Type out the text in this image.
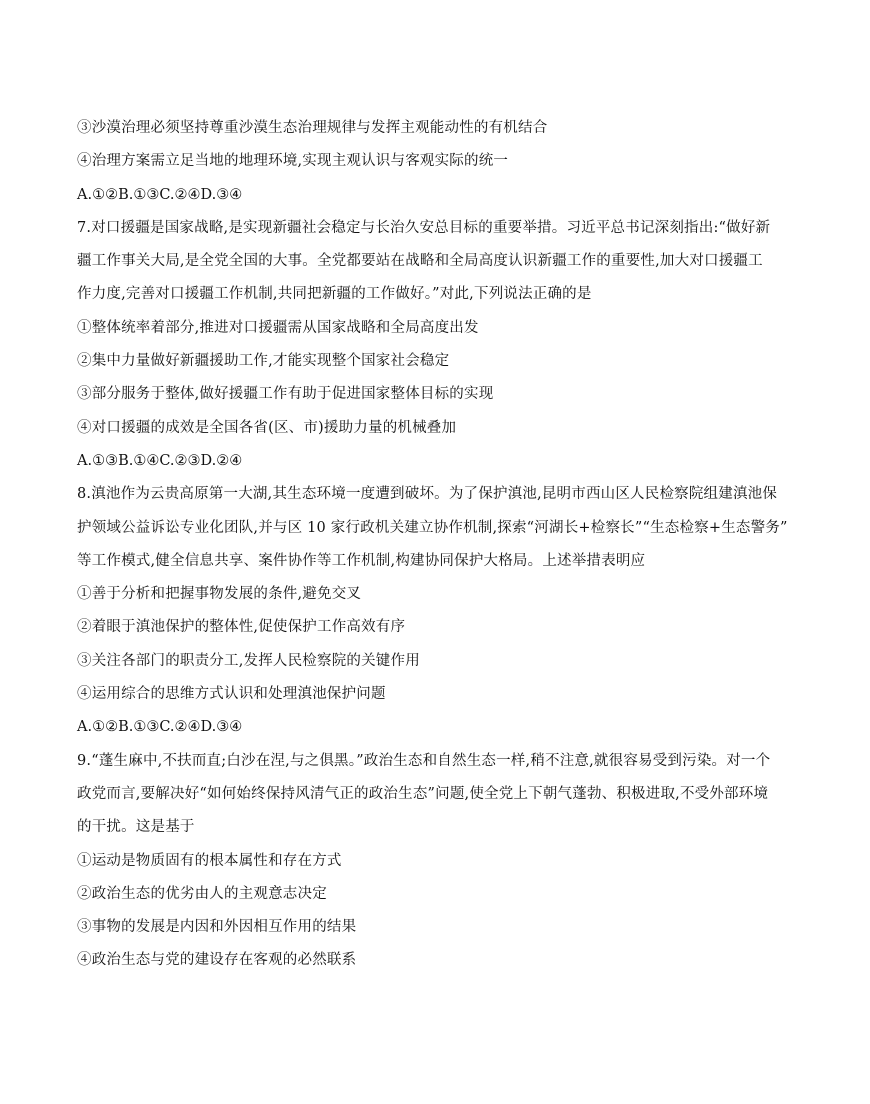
③沙漠治理必须坚持尊重沙漠生态治理规律与发挥主观能动性的有机结合
④治理方案需立足当地的地理环境,实现主观认识与客观实际的统一
A.①②B.①③C.②④D.③④
7.对口援疆是国家战略,是实现新疆社会稳定与长治久安总目标的重要举措。习近平总书记深刻指出:“做好新
疆工作事关大局,是全党全国的大事。全党都要站在战略和全局高度认识新疆工作的重要性,加大对口援疆工
作力度,完善对口援疆工作机制,共同把新疆的工作做好。”对此,下列说法正确的是
①整体统率着部分,推进对口援疆需从国家战略和全局高度出发
②集中力量做好新疆援助工作,才能实现整个国家社会稳定
③部分服务于整体,做好援疆工作有助于促进国家整体目标的实现
④对口援疆的成效是全国各省(区、市)援助力量的机械叠加
A.①③B.①④C.②③D.②④
8.滇池作为云贵高原第一大湖,其生态环境一度遭到破坏。为了保护滇池,昆明市西山区人民检察院组建滇池保
护领域公益诉讼专业化团队,并与区 10 家行政机关建立协作机制,探索“河湖长+检察长”“生态检察+生态警务”
等工作模式,健全信息共享、案件协作等工作机制,构建协同保护大格局。上述举措表明应
①善于分析和把握事物发展的条件,避免交叉
②着眼于滇池保护的整体性,促使保护工作高效有序
③关注各部门的职责分工,发挥人民检察院的关键作用
④运用综合的思维方式认识和处理滇池保护问题
A.①②B.①③C.②④D.③④
9.“蓬生麻中,不扶而直;白沙在涅,与之俱黑。”政治生态和自然生态一样,稍不注意,就很容易受到污染。对一个
政党而言,要解决好“如何始终保持风清气正的政治生态”问题,使全党上下朝气蓬勃、积极进取,不受外部环境
的干扰。这是基于
①运动是物质固有的根本属性和存在方式
②政治生态的优劣由人的主观意志决定
③事物的发展是内因和外因相互作用的结果
④政治生态与党的建设存在客观的必然联系
